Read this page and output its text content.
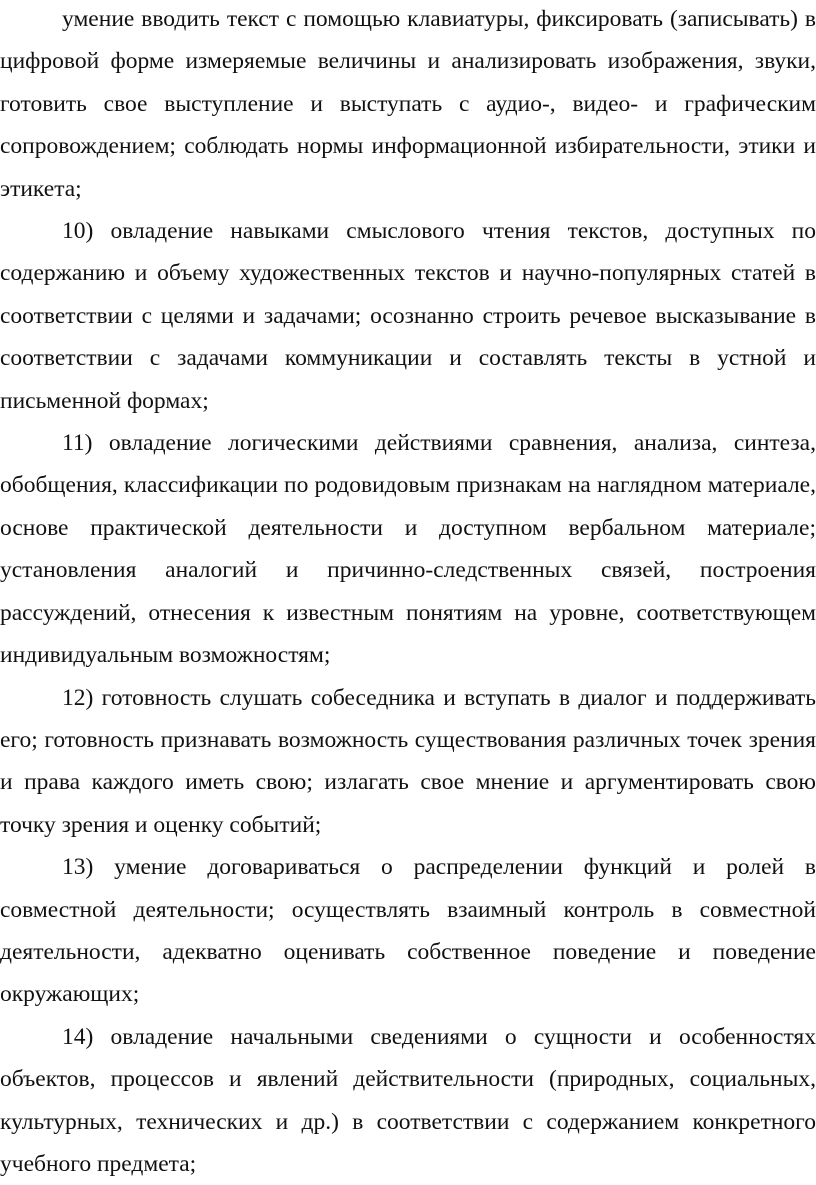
умение вводить текст с помощью клавиатуры, фиксировать (записывать) в цифровой форме измеряемые величины и анализировать изображения, звуки, готовить свое выступление и выступать с аудио-, видео- и графическим сопровождением; соблюдать нормы информационной избирательности, этики и этикета;

10) овладение навыками смыслового чтения текстов, доступных по содержанию и объему художественных текстов и научно-популярных статей в соответствии с целями и задачами; осознанно строить речевое высказывание в соответствии с задачами коммуникации и составлять тексты в устной и письменной формах;

11) овладение логическими действиями сравнения, анализа, синтеза, обобщения, классификации по родовидовым признакам на наглядном материале, основе практической деятельности и доступном вербальном материале; установления аналогий и причинно-следственных связей, построения рассуждений, отнесения к известным понятиям на уровне, соответствующем индивидуальным возможностям;

12) готовность слушать собеседника и вступать в диалог и поддерживать его; готовность признавать возможность существования различных точек зрения и права каждого иметь свою; излагать свое мнение и аргументировать свою точку зрения и оценку событий;

13) умение договариваться о распределении функций и ролей в совместной деятельности; осуществлять взаимный контроль в совместной деятельности, адекватно оценивать собственное поведение и поведение окружающих;

14) овладение начальными сведениями о сущности и особенностях объектов, процессов и явлений действительности (природных, социальных, культурных, технических и др.) в соответствии с содержанием конкретного учебного предмета;
